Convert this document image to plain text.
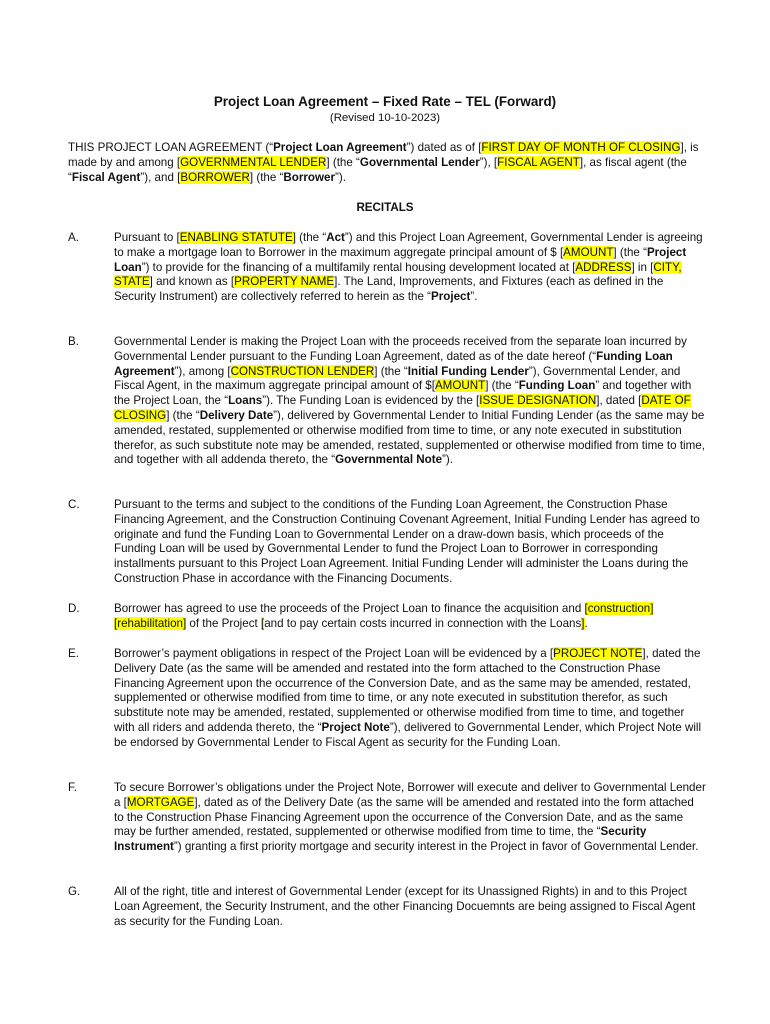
Project Loan Agreement – Fixed Rate – TEL (Forward)
(Revised 10-10-2023)
THIS PROJECT LOAN AGREEMENT (“Project Loan Agreement”) dated as of [FIRST DAY OF MONTH OF CLOSING], is made by and among [GOVERNMENTAL LENDER] (the “Governmental Lender”), [FISCAL AGENT], as fiscal agent (the “Fiscal Agent”), and [BORROWER] (the “Borrower”).
RECITALS
A.	Pursuant to [ENABLING STATUTE] (the “Act”) and this Project Loan Agreement, Governmental Lender is agreeing to make a mortgage loan to Borrower in the maximum aggregate principal amount of $ [AMOUNT] (the “Project Loan”) to provide for the financing of a multifamily rental housing development located at [ADDRESS] in [CITY, STATE] and known as [PROPERTY NAME]. The Land, Improvements, and Fixtures (each as defined in the Security Instrument) are collectively referred to herein as the “Project”.
B.	Governmental Lender is making the Project Loan with the proceeds received from the separate loan incurred by Governmental Lender pursuant to the Funding Loan Agreement, dated as of the date hereof (“Funding Loan Agreement”), among [CONSTRUCTION LENDER] (the “Initial Funding Lender”), Governmental Lender, and Fiscal Agent, in the maximum aggregate principal amount of $[AMOUNT] (the “Funding Loan” and together with the Project Loan, the “Loans”). The Funding Loan is evidenced by the [ISSUE DESIGNATION], dated [DATE OF CLOSING] (the “Delivery Date”), delivered by Governmental Lender to Initial Funding Lender (as the same may be amended, restated, supplemented or otherwise modified from time to time, or any note executed in substitution therefor, as such substitute note may be amended, restated, supplemented or otherwise modified from time to time, and together with all addenda thereto, the “Governmental Note”).
C.	Pursuant to the terms and subject to the conditions of the Funding Loan Agreement, the Construction Phase Financing Agreement, and the Construction Continuing Covenant Agreement, Initial Funding Lender has agreed to originate and fund the Funding Loan to Governmental Lender on a draw-down basis, which proceeds of the Funding Loan will be used by Governmental Lender to fund the Project Loan to Borrower in corresponding installments pursuant to this Project Loan Agreement. Initial Funding Lender will administer the Loans during the Construction Phase in accordance with the Financing Documents.
D.	Borrower has agreed to use the proceeds of the Project Loan to finance the acquisition and [construction] [rehabilitation] of the Project [and to pay certain costs incurred in connection with the Loans].
E.	Borrower’s payment obligations in respect of the Project Loan will be evidenced by a [PROJECT NOTE], dated the Delivery Date (as the same will be amended and restated into the form attached to the Construction Phase Financing Agreement upon the occurrence of the Conversion Date, and as the same may be amended, restated, supplemented or otherwise modified from time to time, or any note executed in substitution therefor, as such substitute note may be amended, restated, supplemented or otherwise modified from time to time, and together with all riders and addenda thereto, the “Project Note”), delivered to Governmental Lender, which Project Note will be endorsed by Governmental Lender to Fiscal Agent as security for the Funding Loan.
F.	To secure Borrower’s obligations under the Project Note, Borrower will execute and deliver to Governmental Lender a [MORTGAGE], dated as of the Delivery Date (as the same will be amended and restated into the form attached to the Construction Phase Financing Agreement upon the occurrence of the Conversion Date, and as the same may be further amended, restated, supplemented or otherwise modified from time to time, the “Security Instrument”) granting a first priority mortgage and security interest in the Project in favor of Governmental Lender.
G.	All of the right, title and interest of Governmental Lender (except for its Unassigned Rights) in and to this Project Loan Agreement, the Security Instrument, and the other Financing Docuemnts are being assigned to Fiscal Agent as security for the Funding Loan.
